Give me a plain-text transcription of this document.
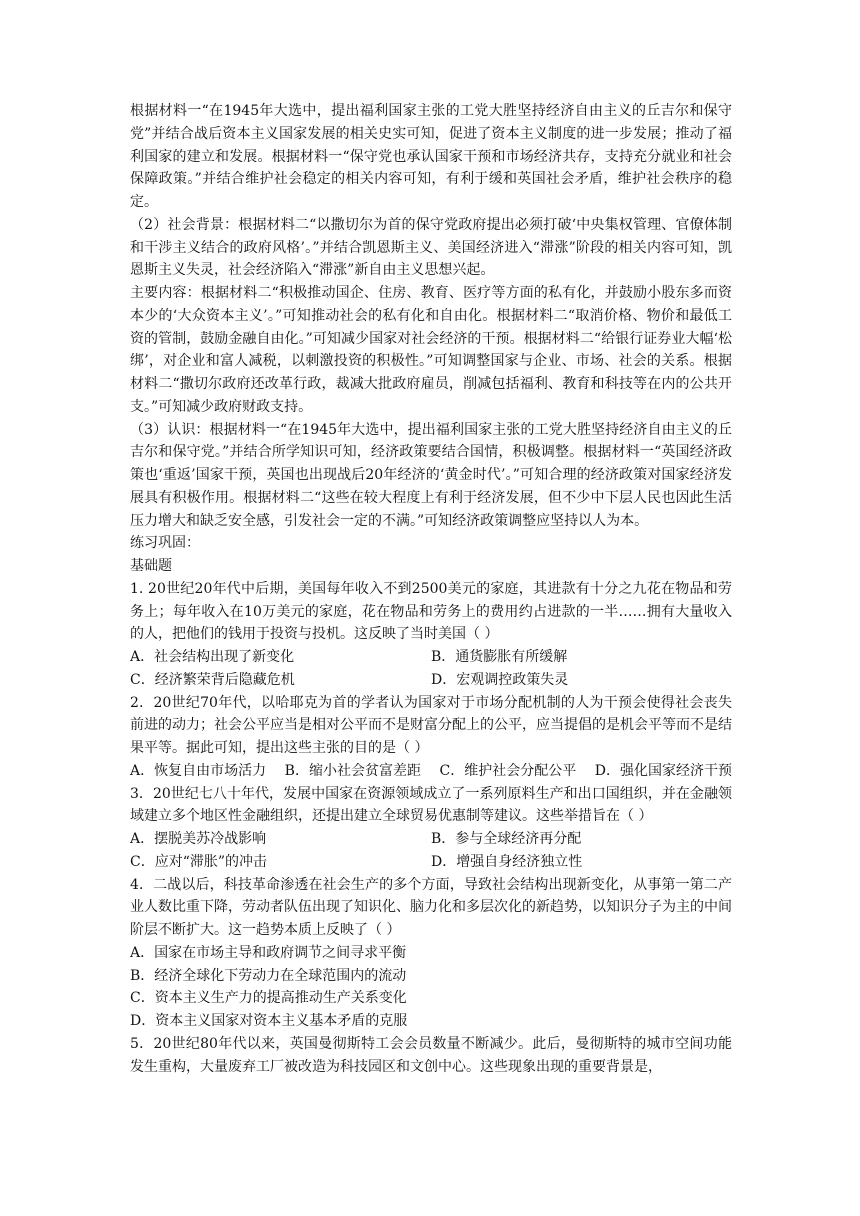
根据材料一“在1945年大选中，提出福利国家主张的工党大胜坚持经济自由主义的丘吉尔和保守党”并结合战后资本主义国家发展的相关史实可知，促进了资本主义制度的进一步发展；推动了福利国家的建立和发展。根据材料一“保守党也承认国家干预和市场经济共存，支持充分就业和社会保障政策。”并结合维护社会稳定的相关内容可知，有利于缓和英国社会矛盾，维护社会秩序的稳定。

（2）社会背景：根据材料二“以撒切尔为首的保守党政府提出必须打破‘中央集权管理、官僚体制和干涉主义结合的政府风格’。”并结合凯恩斯主义、美国经济进入“滞涨”阶段的相关内容可知，凯恩斯主义失灵，社会经济陷入“滞涨”新自由主义思想兴起。

主要内容：根据材料二“积极推动国企、住房、教育、医疗等方面的私有化，并鼓励小股东多而资本少的‘大众资本主义’。”可知推动社会的私有化和自由化。根据材料二“取消价格、物价和最低工资的管制，鼓励金融自由化。”可知减少国家对社会经济的干预。根据材料二“给银行证券业大幅‘松绑’，对企业和富人减税，以刺激投资的积极性。”可知调整国家与企业、市场、社会的关系。根据材料二“撒切尔政府还改革行政，裁减大批政府雇员，削减包括福利、教育和科技等在内的公共开支。”可知减少政府财政支持。

（3）认识：根据材料一“在1945年大选中，提出福利国家主张的工党大胜坚持经济自由主义的丘吉尔和保守党。”并结合所学知识可知，经济政策要结合国情，积极调整。根据材料一“英国经济政策也‘重返’国家干预，英国也出现战后20年经济的‘黄金时代’。”可知合理的经济政策对国家经济发展具有积极作用。根据材料二“这些在较大程度上有利于经济发展，但不少中下层人民也因此生活压力增大和缺乏安全感，引发社会一定的不满。”可知经济政策调整应坚持以人为本。

练习巩固：

基础题

1. 20世纪20年代中后期，美国每年收入不到2500美元的家庭，其进款有十分之九花在物品和劳务上；每年收入在10万美元的家庭，花在物品和劳务上的费用约占进款的一半……拥有大量收入的人，把他们的钱用于投资与投机。这反映了当时美国（ ）

A．社会结构出现了新变化	B．通货膨胀有所缓解
C．经济繁荣背后隐藏危机	D．宏观调控政策失灵

2．20世纪70年代，以哈耶克为首的学者认为国家对于市场分配机制的人为干预会使得社会丧失前进的动力；社会公平应当是相对公平而不是财富分配上的公平，应当提倡的是机会平等而不是结果平等。据此可知，提出这些主张的目的是（ ）

A．恢复自由市场活力 B．缩小社会贫富差距 C．维护社会分配公平 D．强化国家经济干预

3．20世纪七八十年代，发展中国家在资源领域成立了一系列原料生产和出口国组织，并在金融领域建立多个地区性金融组织，还提出建立全球贸易优惠制等建议。这些举措旨在（ ）

A．摆脱美苏冷战影响	B．参与全球经济再分配
C．应对“滞胀”的冲击	D．增强自身经济独立性

4．二战以后，科技革命渗透在社会生产的多个方面，导致社会结构出现新变化，从事第一第二产业人数比重下降，劳动者队伍出现了知识化、脑力化和多层次化的新趋势，以知识分子为主的中间阶层不断扩大。这一趋势本质上反映了（ ）

A．国家在市场主导和政府调节之间寻求平衡

B．经济全球化下劳动力在全球范围内的流动

C．资本主义生产力的提高推动生产关系变化

D．资本主义国家对资本主义基本矛盾的克服

5．20世纪80年代以来，英国曼彻斯特工会会员数量不断减少。此后，曼彻斯特的城市空间功能发生重构，大量废弃工厂被改造为科技园区和文创中心。这些现象出现的重要背景是，
